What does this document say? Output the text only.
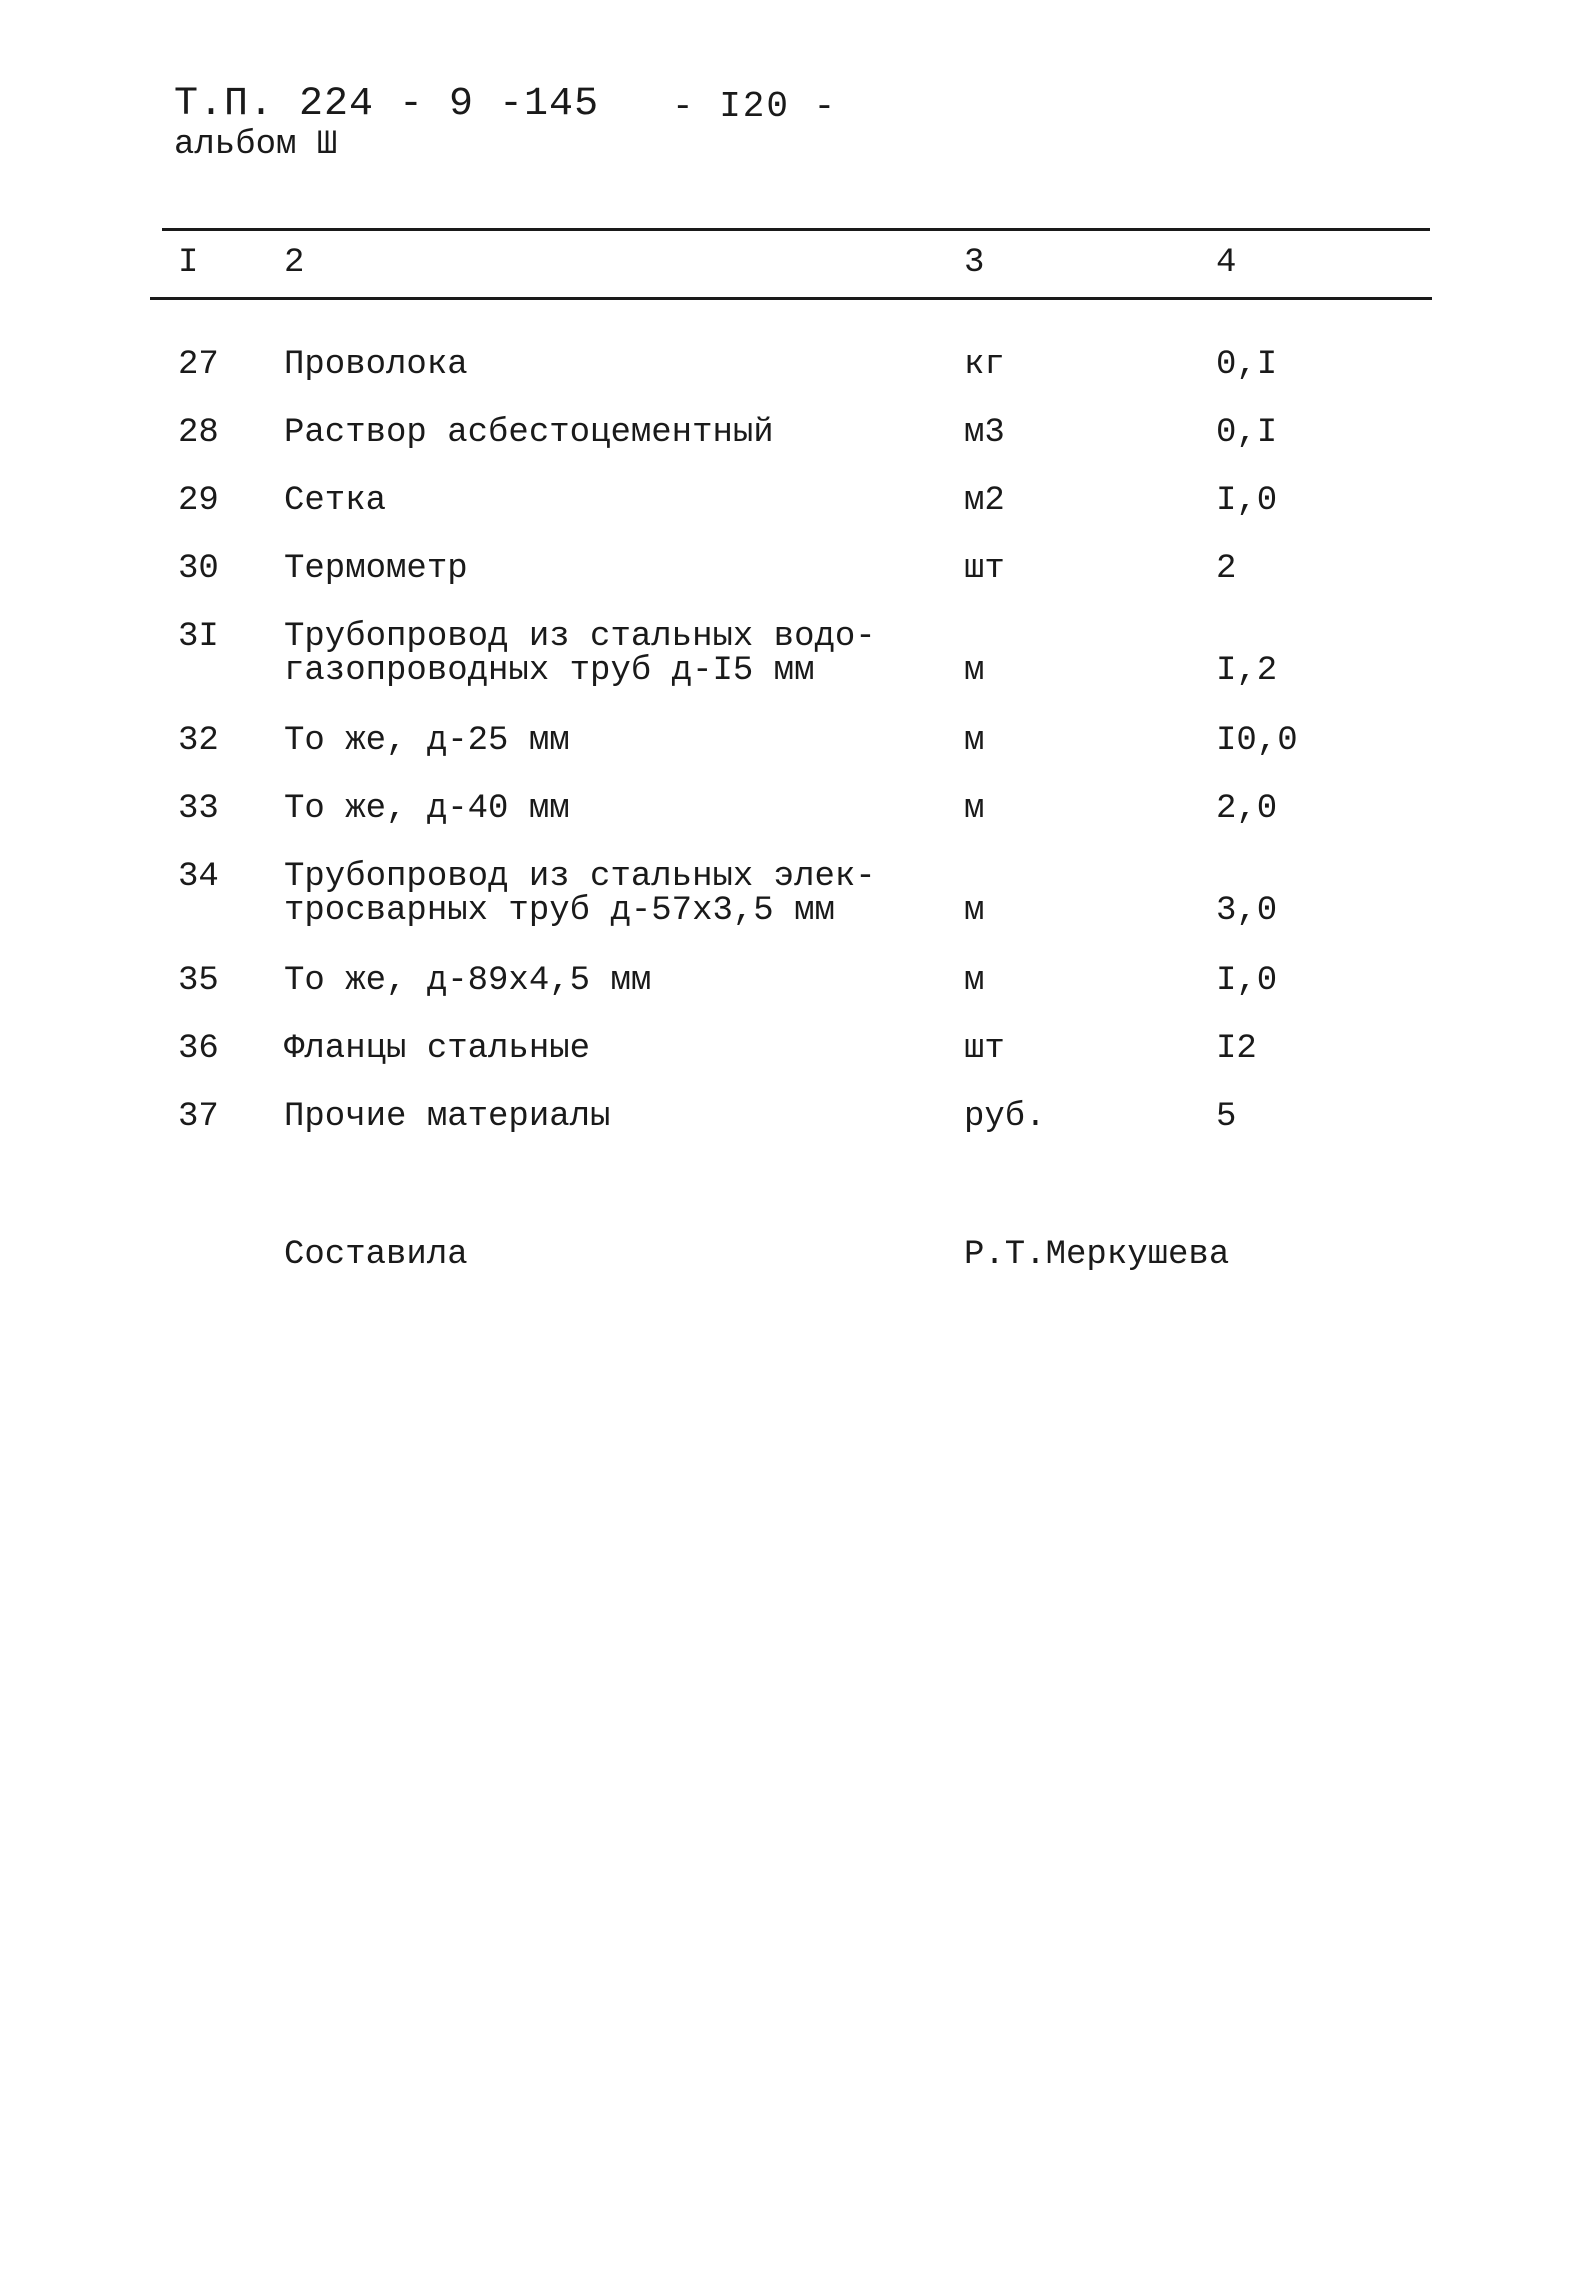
Т.П. 224 - 9 -145 - I20 -
альбом Ш
I	2	3	4
27 Проволока	кг	0,I
28 Раствор асбестоцементный	м3	0,I
29 Сетка	м2	I,0
30 Термометр	шт	2
3I Трубопровод из стальных водо-
газопроводных труб д-I5 мм	м	I,2
32 То же, д-25 мм	м	I0,0
33 То же, д-40 мм	м	2,0
34 Трубопровод из стальных элек-
тросварных труб д-57х3,5 мм	м	3,0
35 То же, д-89х4,5 мм	м	I,0
36 Фланцы стальные	шт	I2
37 Прочие материалы	руб.	5
Составила	Р.Т.Меркушева
